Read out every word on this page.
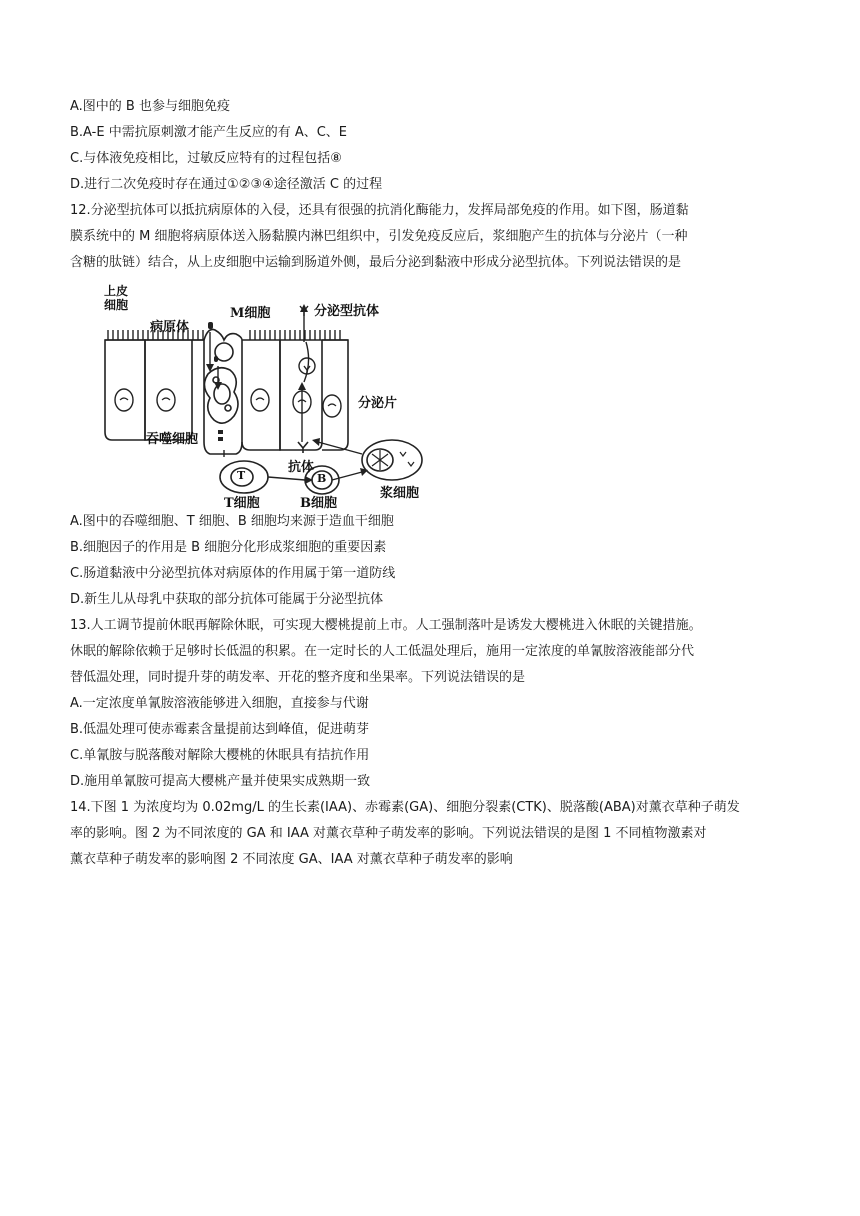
A.图中的 B 也参与细胞免疫
B.A-E 中需抗原刺激才能产生反应的有 A、C、E
C.与体液免疫相比，过敏反应特有的过程包括⑧
D.进行二次免疫时存在通过①②③④途径激活 C 的过程
12.分泌型抗体可以抵抗病原体的入侵，还具有很强的抗消化酶能力，发挥局部免疫的作用。如下图，肠道黏
膜系统中的 M 细胞将病原体送入肠黏膜内淋巴组织中，引发免疫反应后，浆细胞产生的抗体与分泌片（一种
含糖的肽链）结合，从上皮细胞中运输到肠道外侧，最后分泌到黏液中形成分泌型抗体。下列说法错误的是
上皮
细胞
病原体
M细胞	分泌型抗体
分泌片
吞噬细胞
抗体
T细胞	B细胞
浆细胞
T	B
A.图中的吞噬细胞、T 细胞、B 细胞均来源于造血干细胞
B.细胞因子的作用是 B 细胞分化形成浆细胞的重要因素
C.肠道黏液中分泌型抗体对病原体的作用属于第一道防线
D.新生儿从母乳中获取的部分抗体可能属于分泌型抗体
13.人工调节提前休眠再解除休眠，可实现大樱桃提前上市。人工强制落叶是诱发大樱桃进入休眠的关键措施。
休眠的解除依赖于足够时长低温的积累。在一定时长的人工低温处理后，施用一定浓度的单氰胺溶液能部分代
替低温处理，同时提升芽的萌发率、开花的整齐度和坐果率。下列说法错误的是
A.一定浓度单氰胺溶液能够进入细胞，直接参与代谢
B.低温处理可使赤霉素含量提前达到峰值，促进萌芽
C.单氰胺与脱落酸对解除大樱桃的休眠具有拮抗作用
D.施用单氰胺可提高大樱桃产量并使果实成熟期一致
14.下图 1 为浓度均为 0.02mg/L 的生长素(IAA)、赤霉素(GA)、细胞分裂素(CTK)、脱落酸(ABA)对薰衣草种子萌发
率的影响。图 2 为不同浓度的 GA 和 IAA 对薰衣草种子萌发率的影响。下列说法错误的是图 1 不同植物激素对
薰衣草种子萌发率的影响图 2 不同浓度 GA、IAA 对薰衣草种子萌发率的影响
